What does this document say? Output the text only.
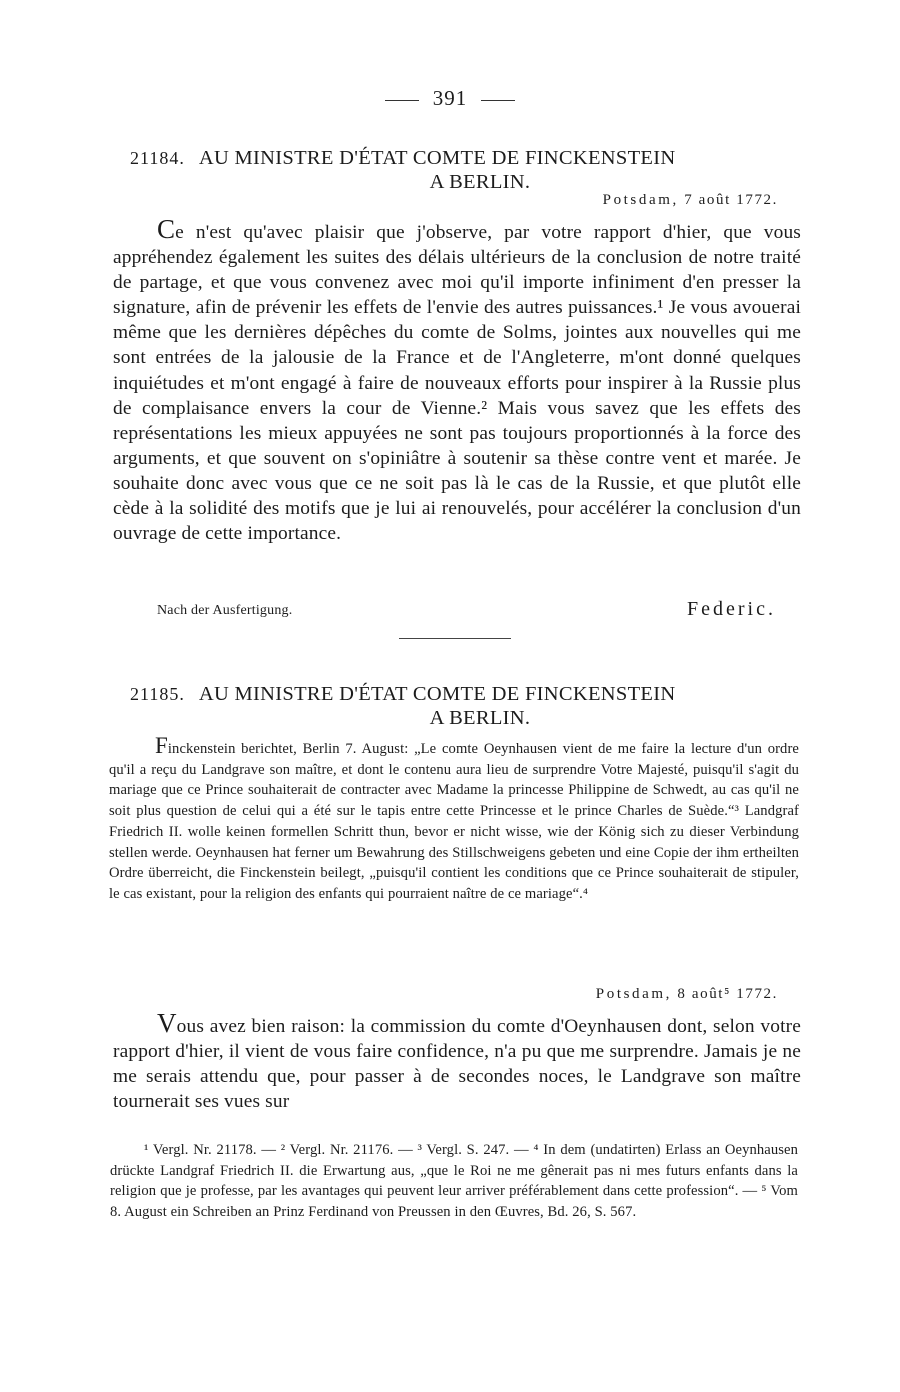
391
21184. AU MINISTRE D'ÉTAT COMTE DE FINCKENSTEIN
A BERLIN.
Potsdam, 7 août 1772.
Ce n'est qu'avec plaisir que j'observe, par votre rapport d'hier, que vous appréhendez également les suites des délais ultérieurs de la conclusion de notre traité de partage, et que vous convenez avec moi qu'il importe infiniment d'en presser la signature, afin de prévenir les effets de l'envie des autres puissances.¹ Je vous avouerai même que les dernières dépêches du comte de Solms, jointes aux nouvelles qui me sont entrées de la jalousie de la France et de l'Angleterre, m'ont donné quelques inquiétudes et m'ont engagé à faire de nouveaux efforts pour inspirer à la Russie plus de complaisance envers la cour de Vienne.² Mais vous savez que les effets des représentations les mieux appuyées ne sont pas toujours proportionnés à la force des arguments, et que souvent on s'opiniâtre à soutenir sa thèse contre vent et marée. Je souhaite donc avec vous que ce ne soit pas là le cas de la Russie, et que plutôt elle cède à la solidité des motifs que je lui ai renouvelés, pour accélérer la conclusion d'un ouvrage de cette importance.
Nach der Ausfertigung.	Federic.
21185. AU MINISTRE D'ÉTAT COMTE DE FINCKENSTEIN
A BERLIN.
Finckenstein berichtet, Berlin 7. August: „Le comte Oeynhausen vient de me faire la lecture d'un ordre qu'il a reçu du Landgrave son maître, et dont le contenu aura lieu de surprendre Votre Majesté, puisqu'il s'agit du mariage que ce Prince souhaiterait de contracter avec Madame la princesse Philippine de Schwedt, au cas qu'il ne soit plus question de celui qui a été sur le tapis entre cette Princesse et le prince Charles de Suède.“³ Landgraf Friedrich II. wolle keinen formellen Schritt thun, bevor er nicht wisse, wie der König sich zu dieser Verbindung stellen werde. Oeynhausen hat ferner um Bewahrung des Stillschweigens gebeten und eine Copie der ihm ertheilten Ordre überreicht, die Finckenstein beilegt, „puisqu'il contient les conditions que ce Prince souhaiterait de stipuler, le cas existant, pour la religion des enfants qui pourraient naître de ce mariage“.⁴
Potsdam, 8 août⁵ 1772.
Vous avez bien raison: la commission du comte d'Oeynhausen dont, selon votre rapport d'hier, il vient de vous faire confidence, n'a pu que me surprendre. Jamais je ne me serais attendu que, pour passer à de secondes noces, le Landgrave son maître tournerait ses vues sur

¹ Vergl. Nr. 21178. — ² Vergl. Nr. 21176. — ³ Vergl. S. 247. — ⁴ In dem (undatirten) Erlass an Oeynhausen drückte Landgraf Friedrich II. die Erwartung aus, „que le Roi ne me gênerait pas ni mes futurs enfants dans la religion que je professe, par les avantages qui peuvent leur arriver préférablement dans cette profession“. — ⁵ Vom 8. August ein Schreiben an Prinz Ferdinand von Preussen in den Œuvres, Bd. 26, S. 567.
